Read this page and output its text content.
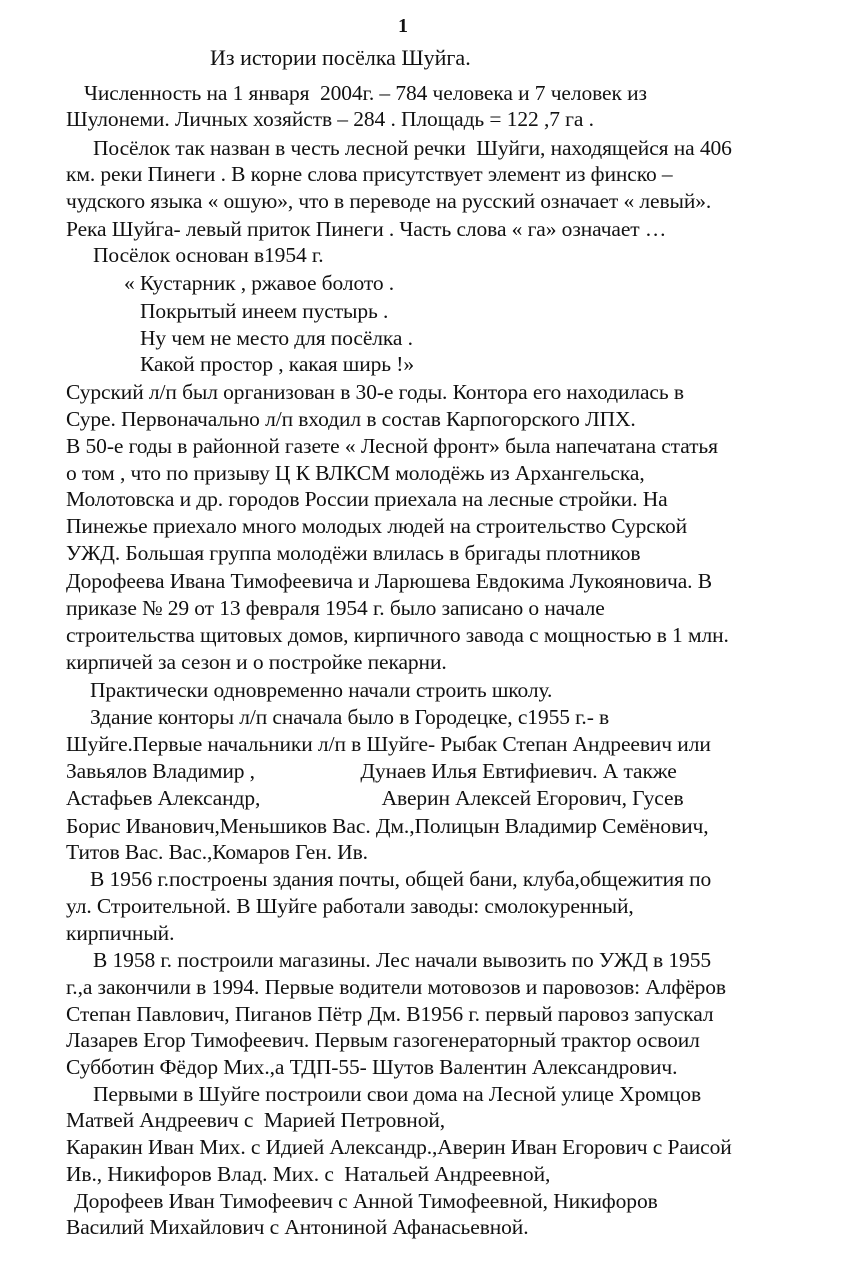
1
Из истории посёлка Шуйга.
Численность на 1 января  2004г. – 784 человека и 7 человек из
Шулонеми. Личных хозяйств – 284 . Площадь = 122 ,7 га .
Посёлок так назван в честь лесной речки  Шуйги, находящейся на 406
км. реки Пинеги . В корне слова присутствует элемент из финско –
чудского языка « ошую», что в переводе на русский означает « левый».
Река Шуйга- левый приток Пинеги . Часть слова « га» означает …
Посёлок основан в1954 г.
« Кустарник , ржавое болото .
Покрытый инеем пустырь .
Ну чем не место для посёлка .
Какой простор , какая ширь !»
Сурский л/п был организован в 30-е годы. Контора его находилась в
Суре. Первоначально л/п входил в состав Карпогорского ЛПХ.
В 50-е годы в районной газете « Лесной фронт» была напечатана статья
о том , что по призыву Ц К ВЛКСМ молодёжь из Архангельска,
Молотовска и др. городов России приехала на лесные стройки. На
Пинежье приехало много молодых людей на строительство Сурской
УЖД. Большая группа молодёжи влилась в бригады плотников
Дорофеева Ивана Тимофеевича и Ларюшева Евдокима Лукояновича. В
приказе № 29 от 13 февраля 1954 г. было записано о начале
строительства щитовых домов, кирпичного завода с мощностью в 1 млн.
кирпичей за сезон и о постройке пекарни.
Практически одновременно начали строить школу.
Здание конторы л/п сначала было в Городецке, с1955 г.- в
Шуйге.Первые начальники л/п в Шуйге- Рыбак Степан Андреевич или
Завьялов Владимир ,                    Дунаев Илья Евтифиевич. А также
Астафьев Александр,                       Аверин Алексей Егорович, Гусев
Борис Иванович,Меньшиков Вас. Дм.,Полицын Владимир Семёнович,
Титов Вас. Вас.,Комаров Ген. Ив.
В 1956 г.построены здания почты, общей бани, клуба,общежития по
ул. Строительной. В Шуйге работали заводы: смолокуренный,
кирпичный.
В 1958 г. построили магазины. Лес начали вывозить по УЖД в 1955
г.,а закончили в 1994. Первые водители мотовозов и паровозов: Алфёров
Степан Павлович, Пиганов Пётр Дм. В1956 г. первый паровоз запускал
Лазарев Егор Тимофеевич. Первым газогенераторный трактор освоил
Субботин Фёдор Мих.,а ТДП-55- Шутов Валентин Александрович.
Первыми в Шуйге построили свои дома на Лесной улице Хромцов
Матвей Андреевич с  Марией Петровной,
Каракин Иван Мих. с Идией Александр.,Аверин Иван Егорович с Раисой
Ив., Никифоров Влад. Мих. с  Натальей Андреевной,
Дорофеев Иван Тимофеевич с Анной Тимофеевной, Никифоров
Василий Михайлович с Антониной Афанасьевной.
